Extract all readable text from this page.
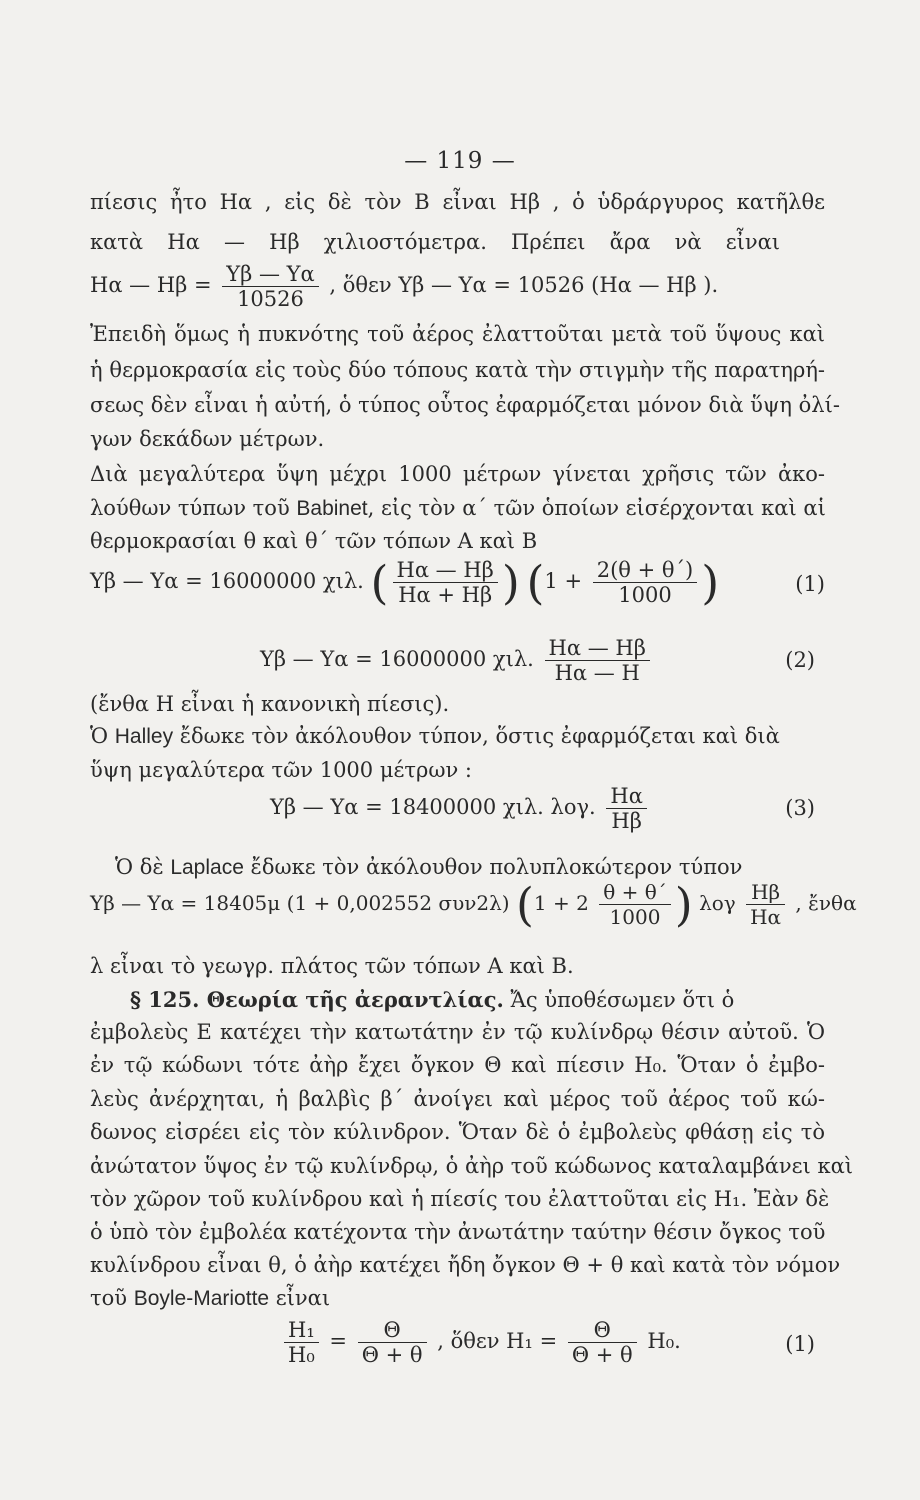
— 119 —
πίεσις ἦτο Hα , εἰς δὲ τὸν B εἶναι Hβ , ὁ ὑδράργυρος κατῆλθε
κατὰ Hα — Hβ χιλιοστόμετρα. Πρέπει ἄρα νὰ εἶναι
Hα — $H\beta = \frac{Y\beta — Y\alpha}{10526}$ , ὅθεν Yβ — Yα = 10526 (Hα — Hβ ).
Ἐπειδὴ ὅμως ἡ πυκνότης τοῦ ἀέρος ἐλαττοῦται μετὰ τοῦ ὕψους καὶ
ἡ θερμοκρασία εἰς τοὺς δύο τόπους κατὰ τὴν στιγμὴν τῆς παρατηρή-
σεως δὲν εἶναι ἡ αὐτή, ὁ τύπος οὗτος ἐφαρμόζεται μόνον διὰ ὕψη ὀλί-
γων δεκάδων μέτρων.
Διὰ μεγαλύτερα ὕψη μέχρι 1000 μέτρων γίνεται χρῆσις τῶν ἀκο-
λούθων τύπων τοῦ Babinet, εἰς τὸν α΄ τῶν ὁποίων εἰσέρχονται καὶ αἱ
θερμοκρασίαι θ καὶ θ΄ τῶν τόπων A καὶ B
Yβ — Yα = 16000000 χιλ. ( $\frac{H\alpha — H\beta}{H\alpha + H\beta}$ ) ($1 + \frac{2(\theta + \theta΄)}{1000}$ )	(1)
Yβ — Yα = 16000000 χιλ. $\frac{H\alpha — H\beta}{H\alpha — H}$	(2)
(ἔνθα H εἶναι ἡ κανονικὴ πίεσις).
Ὁ Halley ἔδωκε τὸν ἀκόλουθον τύπον, ὅστις ἐφαρμόζεται καὶ διὰ
ὕψη μεγαλύτερα τῶν 1000 μέτρων :
Yβ — Yα = 18400000 χιλ. λογ. $\frac{H\alpha}{H\beta}$	(3)
Ὁ δὲ Laplace ἔδωκε τὸν ἀκόλουθον πολυπλοκώτερον τύπον
Yβ — Yα = 18405μ (1 + 0,002552 συν2λ) ($1 + 2 \frac{\theta + \theta΄}{1000}$ ) λογ $\frac{H\beta}{H\alpha}$ , ἔνθα
λ εἶναι τὸ γεωγρ. πλάτος τῶν τόπων A καὶ B.
§ 125. Θεωρία τῆς ἀεραντλίας. Ἄς ὑποθέσωμεν ὅτι ὁ
ἐμβολεὺς E κατέχει τὴν κατωτάτην ἐν τῷ κυλίνδρῳ θέσιν αὐτοῦ. Ὁ
ἐν τῷ κώδωνι τότε ἀὴρ ἔχει ὄγκον Θ καὶ πίεσιν H₀. Ὅταν ὁ ἐμβο-
λεὺς ἀνέρχηται, ἡ βαλβὶς β΄ ἀνοίγει καὶ μέρος τοῦ ἀέρος τοῦ κώ-
δωνος εἰσρέει εἰς τὸν κύλινδρον. Ὅταν δὲ ὁ ἐμβολεὺς φθάσῃ εἰς τὸ
ἀνώτατον ὕψος ἐν τῷ κυλίνδρῳ, ὁ ἀὴρ τοῦ κώδωνος καταλαμβάνει καὶ
τὸν χῶρον τοῦ κυλίνδρου καὶ ἡ πίεσίς του ἐλαττοῦται εἰς H₁. Ἐὰν δὲ
ὁ ὑπὸ τὸν ἐμβολέα κατέχοντα τὴν ἀνωτάτην ταύτην θέσιν ὄγκος τοῦ
κυλίνδρου εἶναι θ, ὁ ἀὴρ κατέχει ἤδη ὄγκον Θ + θ καὶ κατὰ τὸν νόμον
τοῦ Boyle-Mariotte εἶναι
$\frac{\text{H₁}}{\text{H₀}} = \frac{\Theta}{\Theta + \theta}$ , ὅθεν $H_1 = \frac{\Theta}{\Theta + \theta} H_0$.	(1)
